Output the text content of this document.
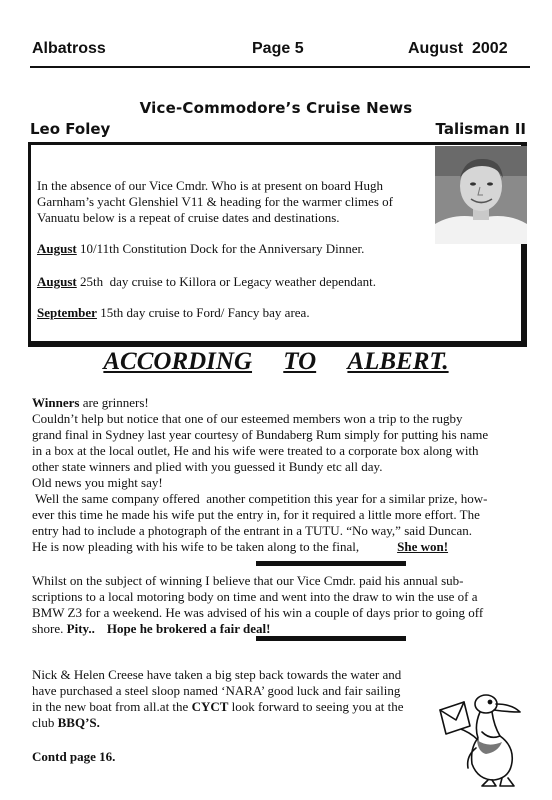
Albatross	Page 5	August  2002
Vice-Commodore’s Cruise News
Leo Foley	Talisman II
In the absence of our Vice Cmdr. Who is at present on board Hugh
Garnham’s yacht Glenshiel V11 & heading for the warmer climes of
Vanuatu below is a repeat of cruise dates and destinations.
August 10/11th Constitution Dock for the Anniversary Dinner.
August 25th  day cruise to Killora or Legacy weather dependant.
September 15th day cruise to Ford/ Fancy bay area.
ACCORDING TO ALBERT.
Winners are grinners!
Couldn’t help but notice that one of our esteemed members won a trip to the rugby
grand final in Sydney last year courtesy of Bundaberg Rum simply for putting his name
in a box at the local outlet, He and his wife were treated to a corporate box along with
other state winners and plied with you guessed it Bundy etc all day.
Old news you might say!
Well the same company offered  another competition this year for a similar prize, how-
ever this time he made his wife put the entry in, for it required a little more effort. The
entry had to include a photograph of the entrant in a TUTU. “No way,” said Duncan.
He is now pleading with his wife to be taken along to the final,	She won!
Whilst on the subject of winning I believe that our Vice Cmdr. paid his annual sub-
scriptions to a local motoring body on time and went into the draw to win the use of a
BMW Z3 for a weekend. He was advised of his win a couple of days prior to going off
shore. Pity.. Hope he brokered a fair deal!
Nick & Helen Creese have taken a big step back towards the water and
have purchased a steel sloop named ‘NARA’ good luck and fair sailing
in the new boat from all.at the CYCT look forward to seeing you at the
club BBQ’S.
Contd page 16.
